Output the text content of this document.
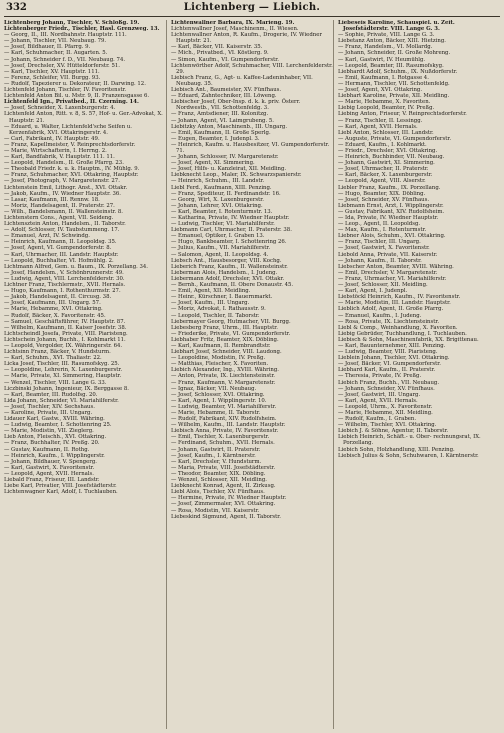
332	Lichtenberg — Liebich.
Lichtenberg Johann, Tischler, V. Schloßg. 19.
Lichtenberger Friedr., Tischler, Hasl. Grenzweg. 13.
— Georg, II., III. Nordbahnstr. Hauptstr. 111.
— Johann, Tischler, VII. Neubaug. 79.
— Josef, Bildhauer, II. Pfarrg. 9.
— Karl, Schuhmacher, II. Augarten. 5.
— Johann, Schneider f. D., VII. Neubaug. 74.
— Josef, Drechsler, XV. Hütteldorferstr. 51.
— Karl, Tischler, XV. Hauptstr. 111.
— Ferenz, Schleifer, VII. Burgg. 93.
— Rudolf, Tapezierer u. Dekorateur, II. Darwing. 12.
Lichtenfeld Johann, Tischler, IV. Favoritenstr.
Lichtenfeld Anton Bil. u. Mstr. 9, II. Franzensgasse 6.
Lichtenfeld Ign., Privatbed., II. Czerning. 14.
— Josef, Schneider, X. Laxenburgerstr. 4.
Lichtenfeld Anton, Ritt. v. 8, S. 57, Hof- u. Ger.-Advokat, X. Hauptstr. 21.
— Eduard, u. Walter, Lichtenfeld'sche Seifen u. Kerzenfabrik, XVI. Ottakringerstr. 4.
— Carl, Fabrikant, IV. Hauptstr. 49.
— Franz, Kapellmeister, V. Reinprechtsdorferstr.
— Marie, Wirtschafterin, I. Herrng. 2.
— Karl, Bandfabrik, V. Hauptstr. 111. 11.
— Leopold, Handelsm., II. Große Pfarrg. 23.
— Theobald Friedr. k. u. k. Hauptm., IV. Mühlg. 9.
— Franz, Schuhmacher, XVI. Ottakring, Hauptstr.
— Josef, Photograph, V. Margaretenstr. 27.
Lichtenstein Emil, Lithogr. Anst., XVI. Ottakr.
— Jakob, Kaufm., IV. Wiedner Hauptstr. 36.
— Lasar, Kaufmann, III. Rennw. 18.
— Moriz, Handelsagent, II. Praterstr. 27.
— Wilh., Bandelsmann, II. Wallensteinstr. 8.
Lichtenstern Cons., Agent, VII. Seideng.
Lichtensztein Anton, Handelsm., II. Taborstr.
— Adolf, Schlosser, IV. Taubstummeng. 17.
— Emanuel, Arzt, IV. Schwindg.
— Heinrich, Kaufmann, II. Leopoldsg. 35.
— Josef, Agent, VI. Gumpendorferstr. 8.
— Karl, Uhrmacher, III. Landstr. Hauptstr.
— Leopold, Buchhalter, VI. Hofmühlg. 2.
Lichtmann Alfred, Gem. u. Baum., IX. Porzellang. 34.
— Josef, Handelsm., V. Schönbrunnerstr. 49.
— Ludwig, Agent, VIII. Lerchenfelderstr. 30.
Lichtner Franz, Tischlermstr., XVII. Hernals.
— Hugo, Kaufmann, I. Rothenthurmstr. 27.
— Jakob, Handelsagent, II. Circusg. 38.
— Josef, Kaufmann, III. Ungarg. 57.
— Marie, Hebamme, XVI. Ottakring.
— Rudolf, Bäcker, X. Favoritenstr. 45.
— Samuel, Geschäftsführer, IV. Hauptstr. 87.
— Wilhelm, Kaufmann, II. Kaiser Josefstr. 38.
Lichtscheindl Josefa, Private, VIII. Piaristeng.
Lichtschein Johann, Buchh., I. Kohlmarkt 11.
— Leopold, Vergolder, IX. Währingerstr. 64.
Lichtsinn Franz, Bäcker, V. Hundsturm.
— Karl, Schuhm., XVI. Thaliastr. 22.
Licka Josef, Tischler, III. Rasumofskyg. 25.
— Leopoldine, Lehrerin, X. Laxenburgerstr.
— Marie, Private, XI. Simmering, Hauptstr.
— Wenzel, Tischler, VIII. Lange G. 33.
Liczbinski Johann, Ingenieur, IX. Berggasse 8.
— Karl, Beamter, III. Rudolfsg. 20.
Lida Johann, Schneider, VI. Mariahilferstr.
— Josef, Tischler, XIV. Sechshaus.
— Karoline, Private, III. Ungarg.
Lidauer Karl, Gastw., XVIII. Währing.
— Ludwig, Beamter, I. Schottenring 25.
— Marie, Modistin, VII. Zieglerg.
Lieb Anton, Fleischh., XVI. Ottakring.
— Franz, Buchhalter, IV. Preßg. 20.
— Gustav, Kaufmann, II. Rothg.
— Heinrich, Kaufm., I. Wipplingerstr.
— Johann, Bildhauer, V. Spengerg.
— Karl, Gastwirt, X. Favoritenstr.
— Leopold, Agent, XVII. Hernals.
Liebald Franz, Friseur, III. Landstr.
Liebe Karl, Privatier, VIII. Josefstädterstr.
Lichtenwagner Karl, Adolf, I. Tuchlauben.
Lichtenwallner Barbara, IX. Marieng. 19.
Lichtenwallner Josef, Maschinenm., II. Wiesen.
Lichtenwallner Anton, R. Kaufm., Drogerie, IV. Wiedner Hauptstr. 21.
— Karl, Bäcker, VII. Kaiserstr. 35.
— Mich., Privatbed., VI. Köstlerg. 9.
— Simon, Kaufm., VI. Gumpendorferstr.
Lichtenwörther Adolf, Schuhmacher, VIII. Lerchenfelderstr. 29.
Liebisch Franz, G., Agt- u. Kaffee-Ladeninhaber, VII. Neubaug. 35.
Liebisch Ant., Baumeister, XV. Fünfhaus.
— Eduard, Zahntechniker, III. Löweng.
Liebischer Josef, Ober-Insp. d. k. k. priv. Österr. Nordwestb., VII. Schottenfeldg. 3.
— Franz, Amtsdiener, III. Kolonitzg.
— Johann, Agent, VI. Laimgrubeng. 5.
Liebitzky Anton, Maschinenb., III. Ungarg.
— Emil, Kaufmann, II. Große Sperlg.
— Eugen, Beamter, I. Judenpl. 3.
— Heinrich, Kaufm. u. Hausbesitzer, VI. Gumpendorferstr. 71.
— Johann, Schlosser, IV. Margaretenstr.
— Josef, Agent, XI. Simmering.
— Josef, Hilfs- u. Kanzleirat, XII. Meidling.
Liebknecht Leop., Maler, IX. Schwarzspanierstr.
— Heinrich, Schuhm., III. Landstr.
Liebl Ferd., Kaufmann, XIII. Penzing.
— Franz, Spediteur, II. Ferdinandstr. 16.
— Georg, Wirt, X. Laxenburgerstr.
— Johann, Lehrer, XVI. Ottakring.
— Karl, Beamter, I. Rotenturmstr. 13.
— Katharina, Private, IV. Wiedner Hauptstr.
— Ludwig, Tischler, VI. Mariahilferstr.
Liebmann Carl, Uhrmacher, II. Praterstr. 38.
— Emanuel, Optiker, I. Graben 13.
— Hugo, Bankbeamter, I. Schottenring 26.
— Julius, Kaufm., VII. Mariahilferstr.
— Salomon, Agent, II. Leopoldsg. 4.
Liebsch Ant., Hausbesorger, VIII. Kochg.
Lieberich Franz, Kaufm., II. Wallensteinstr.
Lieberman Alois, Handelsm., I. Judeng.
Liebermann Adolf, Drechsler, XVI. Ottakr.
— Bernh., Kaufmann, II. Obere Donaustr. 45.
— Emil, Agent, XII. Meidling.
— Heinr., Kürschner, I. Bauernmarkt.
— Josef, Kaufm., III. Ungarg.
— Moriz, Advokat, I. Rathausstr. 9.
— Leopold, Tischler, II. Taborstr.
Liebermayer Georg, Hutmacher, VII. Burgg.
Liebesberg Franz, Uhrm., III. Hauptstr.
— Friederike, Private, VI. Gumpendorferstr.
Liebhaber Fritz, Beamter, XIX. Döbling.
— Karl, Kaufmann, II. Rembrandtstr.
Liebhart Josef, Schneider, VIII. Laudong.
— Leopoldine, Modistin, IV. Preßg.
— Matthias, Fleischer, X. Favoriten.
Liebich Alexander, Ing., XVIII. Währing.
— Anton, Private, IX. Liechtensteinstr.
— Franz, Kaufmann, V. Margaretenstr.
— Ignaz, Bäcker, VII. Neubaug.
— Josef, Schlosser, XVI. Ottakring.
— Karl, Agent, I. Wipplingerstr. 10.
— Ludwig, Beamter, VI. Mariahilferstr.
— Marie, Hebamme, II. Taborstr.
— Rudolf, Fabrikant, XIV. Rudolfsheim.
— Wilhelm, Kaufm., III. Landstr. Hauptstr.
Liebisch Anna, Private, IV. Favoritenstr.
— Emil, Tischler, X. Laxenburgerstr.
— Ferdinand, Schuhm., XVII. Hernals.
— Johann, Gastwirt, II. Praterstr.
— Josef, Kaufm., I. Kärntnerstr.
— Karl, Drechsler, V. Hundsturm.
— Maria, Private, VIII. Josefstädterstr.
— Theodor, Beamter, XIX. Döbling.
— Wenzel, Schlosser, XII. Meidling.
Liebknecht Konrad, Agent, II. Zirkusg.
Liebl Alois, Tischler, XV. Fünfhaus.
— Hermine, Private, IV. Wiedner Hauptstr.
— Josef, Zimmermaler, XVI. Ottakring.
— Rosa, Modistin, VII. Kaiserstr.
Liebeskind Sigmund, Agent, II. Taborstr.
Liebeseis Karoline, Schauspiel. u. Zeit. Josefstädterstr. VIII. Lange G. 3.
— Sophie, Private, VIII. Lange G. 3.
Liebetanz Anton, Bäcker, XIII. Hietzing.
— Franz, Handelsm., VI. Mollardg.
— Johann, Schneider, II. Große Mohreng.
— Karl, Gastwirt, IV. Heumühlg.
— Leopold, Beamter, III. Rasumofskyg.
Liebhardt Adolf, Schuhm., IX. Nußdorferstr.
— Emil, Kaufmann, I. Rotgasse 4.
— Hermann, Tischler, VII. Schottenfeldg.
— Josef, Agent, XVI. Ottakring.
Liebhart Karoline, Private, XII. Meidling.
— Marie, Hebamme, X. Favoriten.
Liebig Leopold, Beamter, IV. Preßg.
Liebing Anton, Friseur, V. Reinprechtsdorferstr.
— Franz, Tischler, II. Lessingg.
— Karl, Agent, XVII. Hernals.
Liebl Anton, Schlosser, III. Landstr.
— Auguste, Private, VI. Gumpendorferstr.
— Eduard, Kaufm., I. Kohlmarkt.
— Friedr., Drechsler, XVI. Ottakring.
— Heinrich, Buchbinder, VII. Neubaug.
— Johann, Gastwirt, XI. Simmering.
— Josef, Uhrmacher, II. Praterstr.
— Karl, Bäcker, X. Laxenburgerstr.
— Leopold, Agent, VIII. Alserstr.
Liebler Franz, Kaufm., IX. Porzellang.
— Hugo, Beamter, XIX. Döbling.
— Josef, Schneider, XV. Fünfhaus.
Liebmann Ernst, Arzt, I. Wipplingerstr.
— Gustav, Fabrikant, XIV. Rudolfsheim.
— Ida, Private, IV. Wiedner Hauptstr.
— Leop., Agent, II. Leopoldsg.
— Max, Kaufm., I. Rotenturmstr.
Liebner Alois, Schuhm., XVI. Ottakring.
— Franz, Tischler, III. Ungarg.
— Josef, Gastwirt, X. Favoritenstr.
Liebold Anna, Private, VII. Kaiserstr.
— Johann, Kaufm., II. Taborstr.
Liebscher Anton, Beamter, XVIII. Währing.
— Emil, Drechsler, V. Margaretenstr.
— Franz, Uhrmacher, VI. Mariahilferstr.
— Josef, Schlosser, XII. Meidling.
— Karl, Agent, I. Judenpl.
Liebstöckl Heinrich, Kaufm., IV. Favoritenstr.
— Marie, Modistin, III. Landstr. Hauptstr.
Lieblich Adolf, Agent, II. Große Pfarrg.
— Emanuel, Kaufm., I. Judeng.
— Rosa, Private, IX. Liechtensteinstr.
Liebl & Comp., Weinhandlung, X. Favoriten.
Liebig Gebrüder, Tuchhandlung, I. Tuchlauben.
Liebisch & Sohn, Maschinenfabrik, XX. Brigittenau.
— Karl, Bauunternehmer, XIII. Penzing.
— Ludwig, Beamter, VIII. Piaristeng.
Lieblein Johann, Tischler, XVI. Ottakring.
— Josef, Bäcker, VI. Gumpendorferstr.
Liebhard Karl, Kaufm., II. Praterstr.
— Theresia, Private, IV. Preßg.
Liebich Franz, Buchh., VII. Neubaug.
— Johann, Schneider, XV. Fünfhaus.
— Josef, Gastwirt, III. Ungarg.
— Karl, Agent, XVII. Hernals.
— Leopold, Uhrm., X. Favoritenstr.
— Marie, Hebamme, XII. Meidling.
— Rudolf, Kaufm., I. Graben.
— Wilhelm, Tischler, XVI. Ottakring.
Liebich J. & Söhne, Agentur, II. Taborstr.
Liebich Heinrich, Schäft.- u. Ober- rechnungsrat, IX. Porzellang.
Liebich Sohn, Holzhandlung, XIII. Penzing.
Liebisch Julius & Sohn, Schuhwaren, I. Kärntnerstr.
